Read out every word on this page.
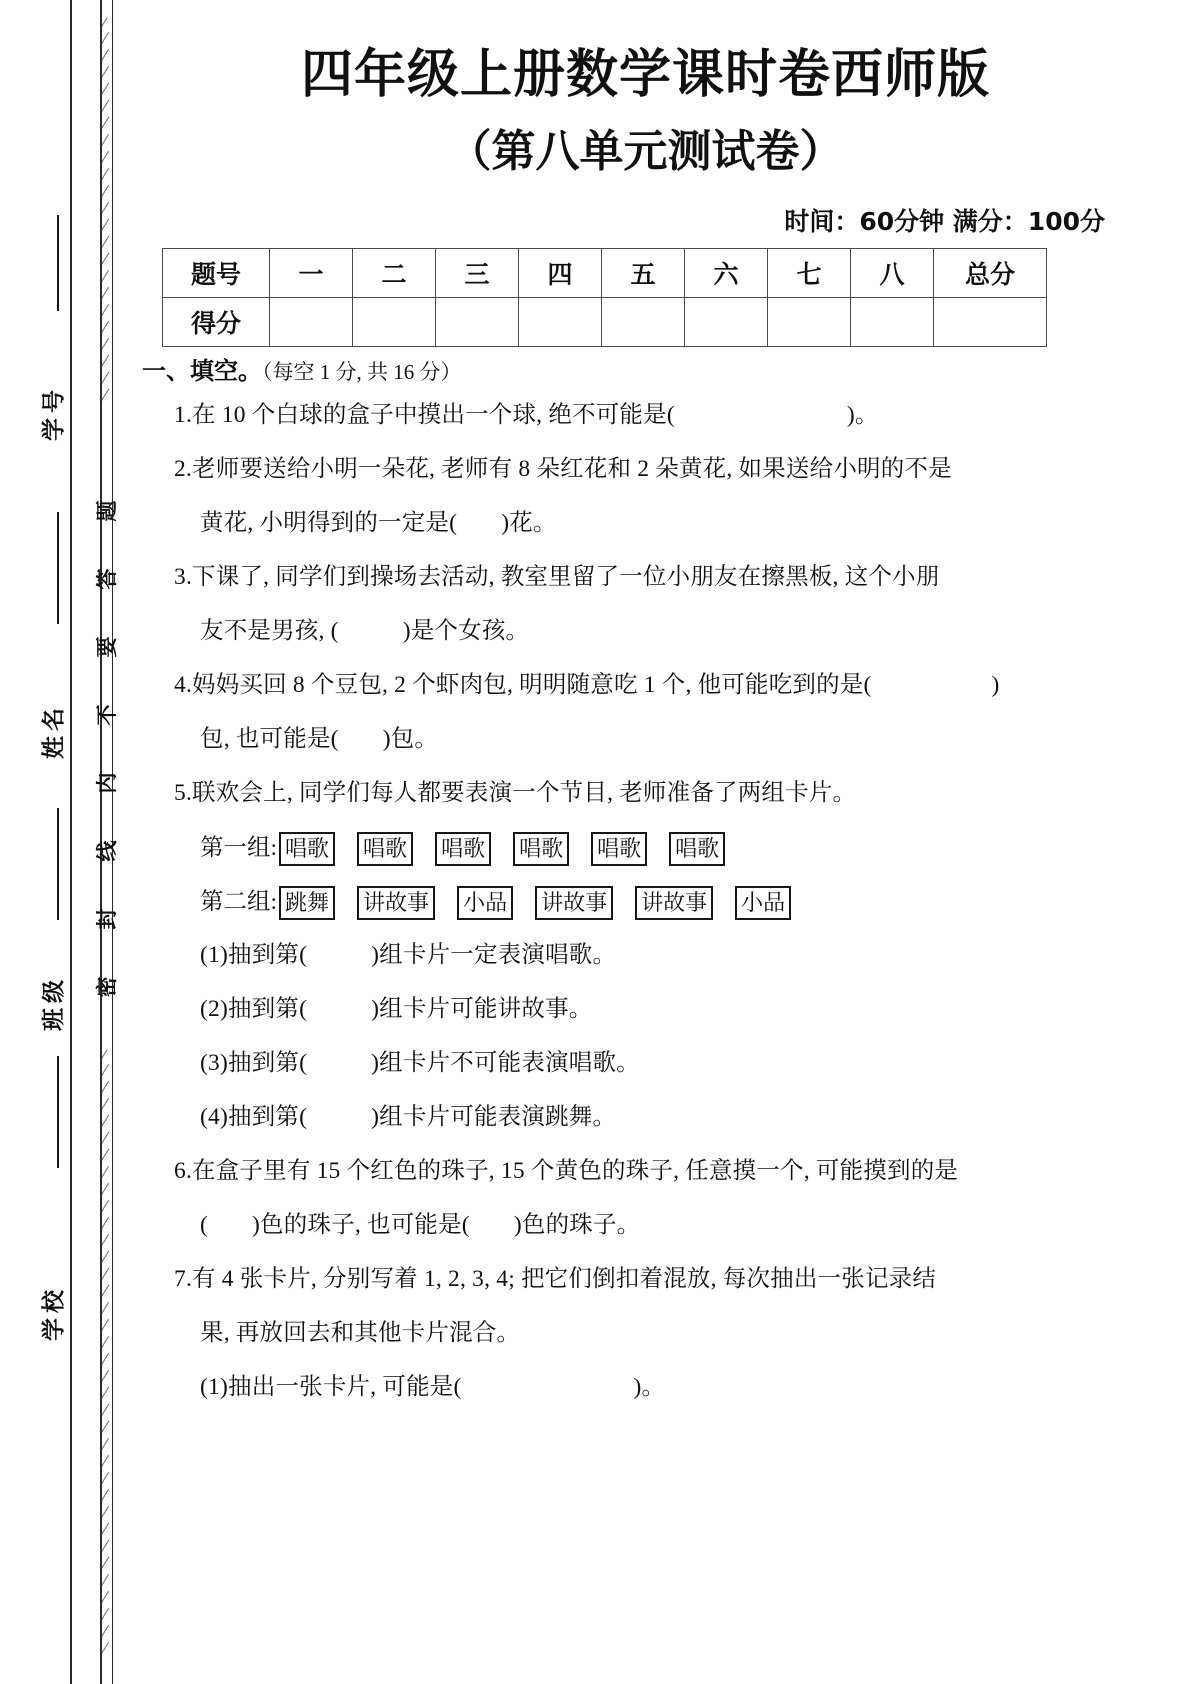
题
答
要
不
内
线
封
密
学号
姓名
班级
学校
四年级上册数学课时卷西师版
（第八单元测试卷）
时间：60分钟 满分：100分
题号	一	二	三	四	五	六	七	八	总分
得分									
一、填空。（每空 1 分, 共 16 分）
1.在 10 个白球的盒子中摸出一个球, 绝不可能是(	)。
2.老师要送给小明一朵花, 老师有 8 朵红花和 2 朵黄花, 如果送给小明的不是
黄花, 小明得到的一定是( )花。
3.下课了, 同学们到操场去活动, 教室里留了一位小朋友在擦黑板, 这个小朋
友不是男孩, (	)是个女孩。
4.妈妈买回 8 个豆包, 2 个虾肉包, 明明随意吃 1 个, 他可能吃到的是(	)
包, 也可能是( )包。
5.联欢会上, 同学们每人都要表演一个节目, 老师准备了两组卡片。
第一组: 唱歌 唱歌 唱歌 唱歌 唱歌 唱歌
第二组: 跳舞 讲故事 小品 讲故事 讲故事 小品
(1)抽到第(	)组卡片一定表演唱歌。
(2)抽到第(	)组卡片可能讲故事。
(3)抽到第(	)组卡片不可能表演唱歌。
(4)抽到第(	)组卡片可能表演跳舞。
6.在盒子里有 15 个红色的珠子, 15 个黄色的珠子, 任意摸一个, 可能摸到的是
( )色的珠子, 也可能是( )色的珠子。
7.有 4 张卡片, 分别写着 1, 2, 3, 4; 把它们倒扣着混放, 每次抽出一张记录结
果, 再放回去和其他卡片混合。
(1)抽出一张卡片, 可能是(	)。
